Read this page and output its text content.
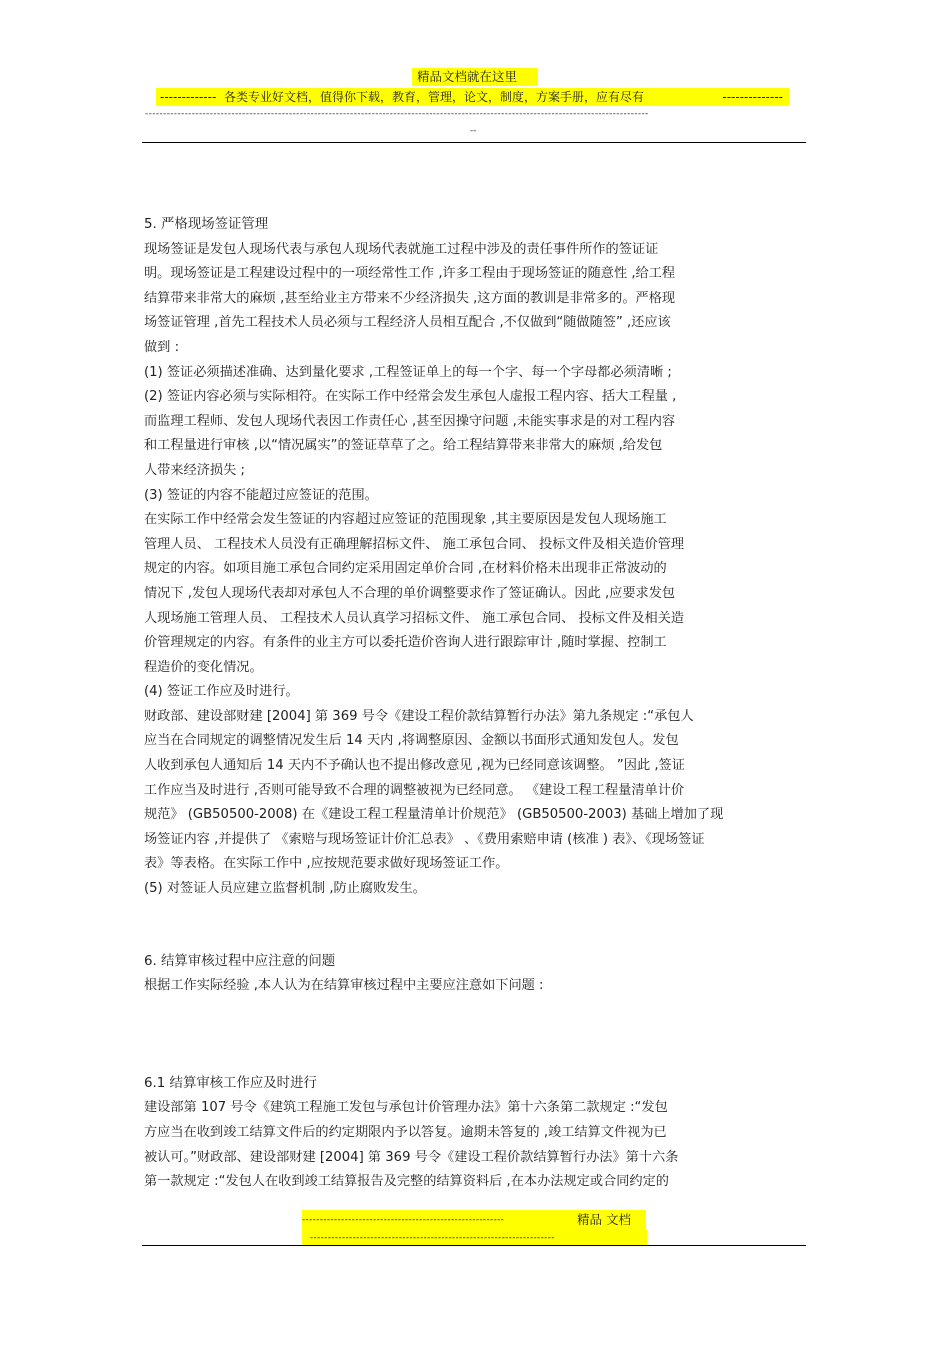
精品文档就在这里
------------- 各类专业好文档，值得你下载，教育，管理，论文，制度，方案手册，应有尽有	--------------
--------------------------------------------------------------------------------------------------------------------------------------------
--
5. 严格现场签证管理
现场签证是发包人现场代表与承包人现场代表就施工过程中涉及的责任事件所作的签证证
明。现场签证是工程建设过程中的一项经常性工作 ,许多工程由于现场签证的随意性 ,给工程
结算带来非常大的麻烦 ,甚至给业主方带来不少经济损失 ,这方面的教训是非常多的。严格现
场签证管理 ,首先工程技术人员必须与工程经济人员相互配合 ,不仅做到“随做随签” ,还应该
做到 :
(1) 签证必须描述准确、达到量化要求 ,工程签证单上的每一个字、每一个字母都必须清晰 ;
(2) 签证内容必须与实际相符。在实际工作中经常会发生承包人虚报工程内容、括大工程量 ,
而监理工程师、发包人现场代表因工作责任心 ,甚至因操守问题 ,未能实事求是的对工程内容
和工程量进行审核 ,以“情况属实”的签证草草了之。给工程结算带来非常大的麻烦 ,给发包
人带来经济损失 ;
(3) 签证的内容不能超过应签证的范围。
在实际工作中经常会发生签证的内容超过应签证的范围现象 ,其主要原因是发包人现场施工
管理人员、 工程技术人员没有正确理解招标文件、 施工承包合同、 投标文件及相关造价管理
规定的内容。如项目施工承包合同约定采用固定单价合同 ,在材料价格未出现非正常波动的
情况下 ,发包人现场代表却对承包人不合理的单价调整要求作了签证确认。因此 ,应要求发包
人现场施工管理人员、 工程技术人员认真学习招标文件、 施工承包合同、 投标文件及相关造
价管理规定的内容。有条件的业主方可以委托造价咨询人进行跟踪审计 ,随时掌握、控制工
程造价的变化情况。
(4) 签证工作应及时进行。
财政部、建设部财建 [2004] 第 369 号令《建设工程价款结算暂行办法》第九条规定 :“承包人
应当在合同规定的调整情况发生后 14 天内 ,将调整原因、金额以书面形式通知发包人。发包
人收到承包人通知后 14 天内不予确认也不提出修改意见 ,视为已经同意该调整。 ”因此 ,签证
工作应当及时进行 ,否则可能导致不合理的调整被视为已经同意。 《建设工程工程量清单计价
规范》 (GB50500-2008) 在《建设工程工程量清单计价规范》 (GB50500-2003) 基础上增加了现
场签证内容 ,并提供了 《索赔与现场签证计价汇总表》 、《费用索赔申请 (核准 ) 表》、《现场签证
表》等表格。在实际工作中 ,应按规范要求做好现场签证工作。
(5) 对签证人员应建立监督机制 ,防止腐败发生。
6. 结算审核过程中应注意的问题
根据工作实际经验 ,本人认为在结算审核过程中主要应注意如下问题 :
6.1 结算审核工作应及时进行
建设部第 107 号令《建筑工程施工发包与承包计价管理办法》第十六条第二款规定 :“发包
方应当在收到竣工结算文件后的约定期限内予以答复。逾期未答复的 ,竣工结算文件视为已
被认可。”财政部、建设部财建 [2004] 第 369 号令《建设工程价款结算暂行办法》第十六条
第一款规定 :“发包人在收到竣工结算报告及完整的结算资料后 ,在本办法规定或合同约定的
---------------------------------------------------------	精品 文档
---------------------------------------------------------------------
